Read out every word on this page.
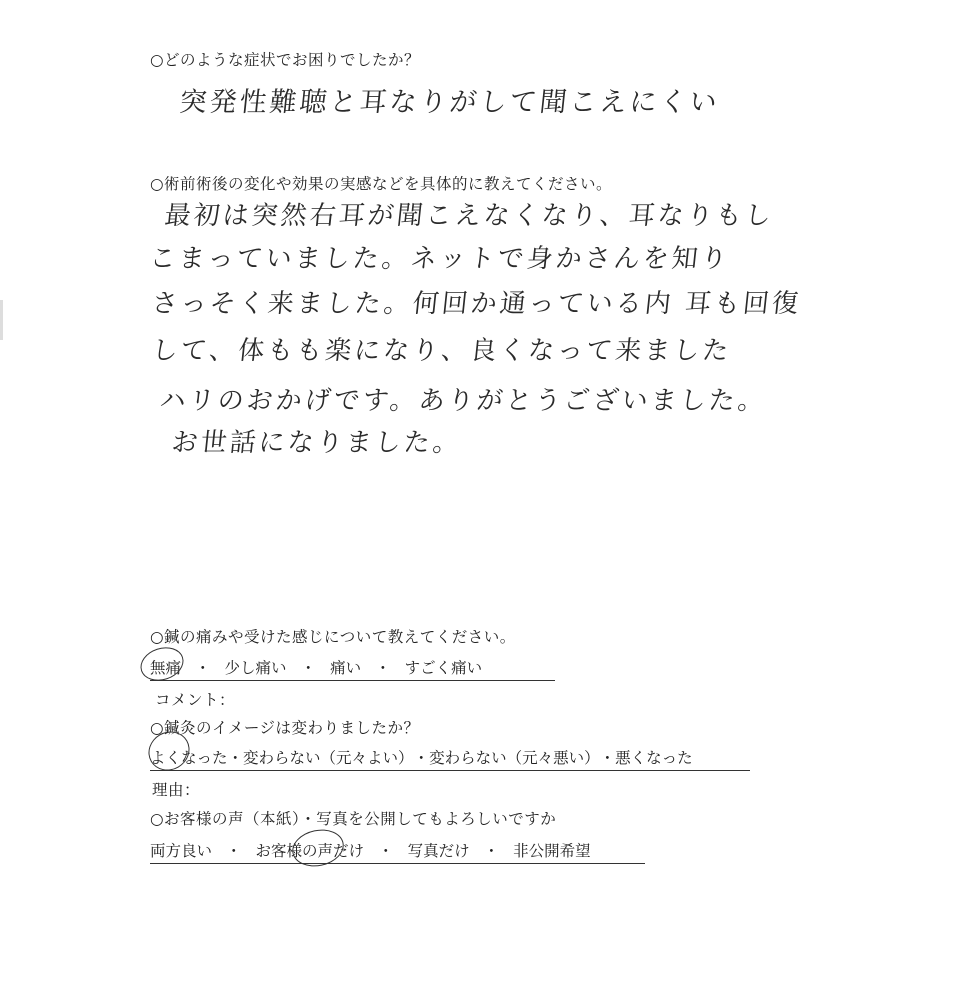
○どのような症状でお困りでしたか？
突発性難聴と耳なりがして聞こえにくい
○術前術後の変化や効果の実感などを具体的に教えてください。
最初は突然右耳が聞こえなくなり、耳なりもし
こまっていました。ネットで身かさんを知り
さっそく来ました。何回か通っている内 耳も回復
して、体もも楽になり、良くなって来ました
ハリのおかげです。ありがとうございました。
お世話になりました。
○鍼の痛みや受けた感じについて教えてください。
無痛 ・ 少し痛い ・ 痛い ・ すごく痛い
コメント：
○鍼灸のイメージは変わりましたか？
よくなった・変わらない（元々よい）・変わらない（元々悪い）・悪くなった
理由：
○お客様の声（本紙）・写真を公開してもよろしいですか
両方良い ・ お客様の声だけ ・ 写真だけ ・ 非公開希望
